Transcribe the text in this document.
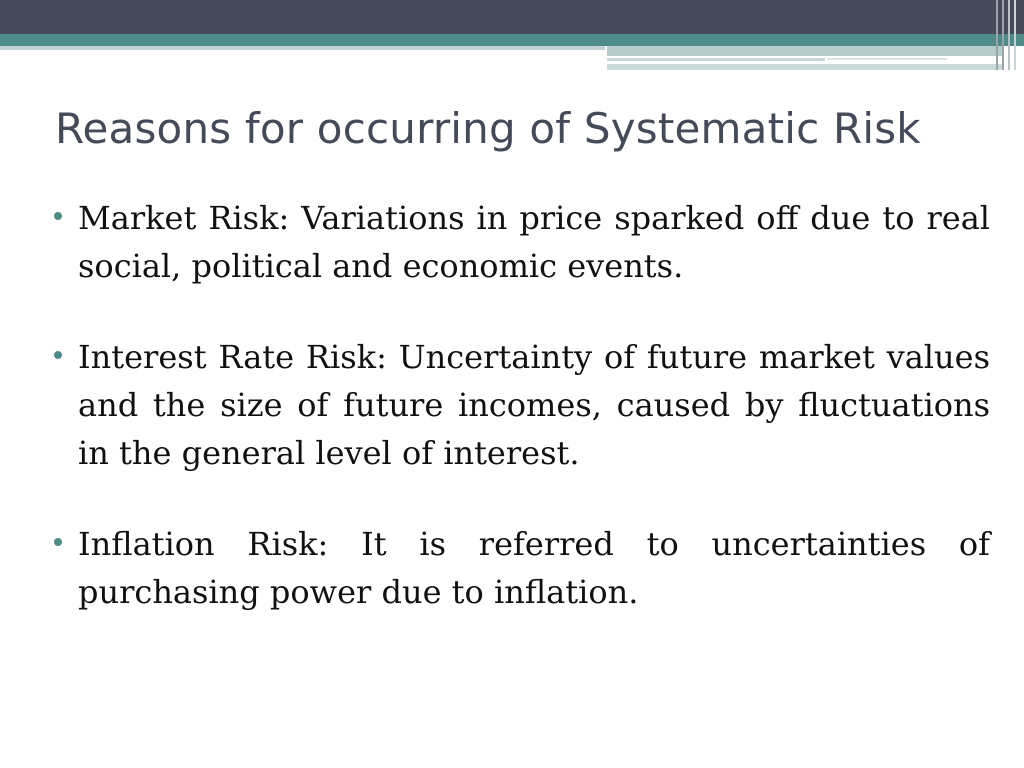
Reasons for occurring of Systematic Risk
Market Risk: Variations in price sparked off due to real social, political and economic events.
Interest Rate Risk: Uncertainty of future market values and the size of future incomes, caused by fluctuations in the general level of interest.
Inflation Risk: It is referred to uncertainties of purchasing power due to inflation.
